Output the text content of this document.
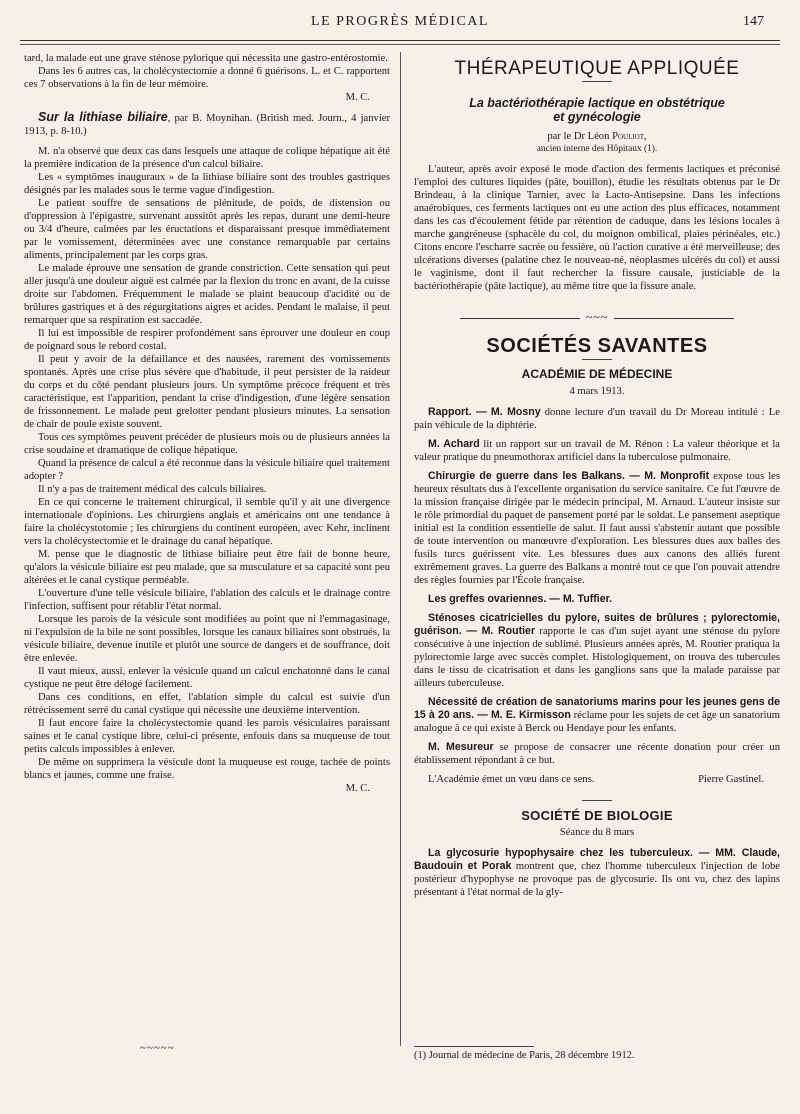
LE PROGRÈS MÉDICAL	147

tard, la malade eut une grave sténose pylorique qui nécessita une gastro-entérostomie.

Dans les 6 autres cas, la cholécystectomie a donné 6 guérisons. L. et C. rapportent ces 7 observations à la fin de leur mémoire.

M. C.

Sur la lithiase biliaire, par B. Moynihan. (British med. Journ., 4 janvier 1913, p. 8-10.)

M. n'a observé que deux cas dans lesquels une attaque de colique hépatique ait été la première indication de la présence d'un calcul biliaire.

Les « symptômes inauguraux » de la lithiase biliaire sont des troubles gastriques désignés par les malades sous le terme vague d'indigestion.

Le patient souffre de sensations de plénitude, de poids, de distension ou d'oppression à l'épigastre, survenant aussitôt après les repas, durant une demi-heure ou 3/4 d'heure, calmées par les éructations et disparaissant presque immédiatement par le vomissement, déterminées avec une constance remarquable par certains aliments, principalement par les corps gras.

Le malade éprouve une sensation de grande constriction. Cette sensation qui peut aller jusqu'à une douleur aiguë est calmée par la flexion du tronc en avant, de la cuisse droite sur l'abdomen. Fréquemment le malade se plaint beaucoup d'acidité ou de brûlures gastriques et à des régurgitations aigres et acides. Pendant le malaise, il peut remarquer que sa respiration est saccadée.

Il lui est impossible de respirer profondément sans éprouver une douleur en coup de poignard sous le rebord costal.

Il peut y avoir de la défaillance et des nausées, rarement des vomissements spontanés. Après une crise plus sévère que d'habitude, il peut persister de la raideur du corps et du côté pendant plusieurs jours. Un symptôme précoce fréquent et très caractéristique, est l'apparition, pendant la crise d'indigestion, d'une légère sensation de frissonnement. Le malade peut grelotter pendant plusieurs minutes. La sensation de chair de poule existe souvent.

Tous ces symptômes peuvent précéder de plusieurs mois ou de plusieurs années la crise soudaine et dramatique de colique hépatique.

Quand la présence de calcul a été reconnue dans la vésicule biliaire quel traitement adopter ?

Il n'y a pas de traitement médical des calculs biliaires.

En ce qui concerne le traitement chirurgical, il semble qu'il y ait une divergence internationale d'opinions. Les chirurgiens anglais et américains ont une tendance à faire la cholécystotomie ; les chirurgiens du continent européen, avec Kehr, inclinent vers la cholécystectomie et le drainage du canal hépatique.

M. pense que le diagnostic de lithiase biliaire peut être fait de bonne heure, qu'alors la vésicule biliaire est peu malade, que sa musculature et sa capacité sont peu altérées et le canal cystique perméable.

L'ouverture d'une telle vésicule biliaire, l'ablation des calculs et le drainage contre l'infection, suffisent pour rétablir l'état normal.

Lorsque les parois de la vésicule sont modifiées au point que ni l'emmagasinage, ni l'expulsion de la bile ne sont possibles, lorsque les canaux biliaires sont obstrués, la vésicule biliaire, devenue inutile et plutôt une source de dangers et de souffrance, doit être enlevée.

Il vaut mieux, aussi, enlever la vésicule quand un calcul enchatonné dans le canal cystique ne peut être délogé facilement.

Dans ces conditions, en effet, l'ablation simple du calcul est suivie d'un rétrécissement serré du canal cystique qui nécessite une deuxième intervention.

Il faut encore faire la cholécystectomie quand les parois vésiculaires paraissant saines et le canal cystique libre, celui-ci présente, enfouis dans sa muqueuse de tout petits calculs impossibles à enlever.

De même on supprimera la vésicule dont la muqueuse est rouge, tachée de points blancs et jaunes, comme une fraise.

M. C.

~~~~~
THÉRAPEUTIQUE APPLIQUÉE
La bactériothérapie lactique en obstétrique
et gynécologie

par le Dr Léon Pouliot,

ancien interne des Hôpitaux (1).

L'auteur, après avoir exposé le mode d'action des ferments lactiques et préconisé l'emploi des cultures liquides (pâte, bouillon), étudie les résultats obtenus par le Dr Brindeau, à la clinique Tarnier, avec la Lacto-Antisepsine. Dans les infections anaérobiques, ces ferments lactiques ont eu une action des plus efficaces, notamment dans les cas d'écoulement fétide par rétention de caduque, dans les lésions locales à marche gangréneuse (sphacèle du col, du moignon ombilical, plaies périnéales, etc.) Citons encore l'escharre sacrée ou fessière, où l'action curative a été merveilleuse; des ulcérations diverses (palatine chez le nouveau-né, néoplasmes ulcérés du col) et aussi le vaginisme, dont il faut rechercher la fissure causale, justiciable de la bactériothérapie (pâte lactique), au même titre que la fissure anale.

~~~
SOCIÉTÉS SAVANTES
ACADÉMIE DE MÉDECINE
4 mars 1913.

Rapport. — M. Mosny donne lecture d'un travail du Dr Moreau intitulé : Le pain véhicule de la diphtérie.

M. Achard lit un rapport sur un travail de M. Rénon : La valeur théorique et la valeur pratique du pneumothorax artificiel dans la tuberculose pulmonaire.

Chirurgie de guerre dans les Balkans. — M. Monprofit expose tous les heureux résultats dus à l'excellente organisation du service sanitaire. Ce fut l'œuvre de la mission française dirigée par le médecin principal, M. Arnaud. L'auteur insiste sur le rôle primordial du paquet de pansement porté par le soldat. Le pansement aseptique initial est la condition essentielle de salut. Il faut aussi s'abstenir autant que possible de toute intervention ou manœuvre d'exploration. Les blessures dues aux balles des fusils turcs guérissent vite. Les blessures dues aux canons des alliés furent extrêmement graves. La guerre des Balkans a montré tout ce que l'on pouvait attendre des règles fournies par l'École française.

Les greffes ovariennes. — M. Tuffier.

Sténoses cicatricielles du pylore, suites de brûlures ; pylorectomie, guérison. — M. Routier rapporte le cas d'un sujet ayant une sténose du pylore consécutive à une injection de sublimé. Plusieurs années après, M. Routier pratiqua la pylorectomie large avec succès complet. Histologiquement, on trouva des tubercules dans le tissu de cicatrisation et dans les ganglions sans que la malade paraisse par ailleurs tuberculeuse.

Nécessité de création de sanatoriums marins pour les jeunes gens de 15 à 20 ans. — M. E. Kirmisson réclame pour les sujets de cet âge un sanatorium analogue à ce qui existe à Berck ou Hendaye pour les enfants.

M. Mesureur se propose de consacrer une récente donation pour créer un établissement répondant à ce but.

L'Académie émet un vœu dans ce sens.	Pierre Gastinel.

SOCIÉTÉ DE BIOLOGIE
Séance du 8 mars

La glycosurie hypophysaire chez les tuberculeux. — MM. Claude, Baudouin et Porak montrent que, chez l'homme tuberculeux l'injection de lobe postérieur d'hypophyse ne provoque pas de glycosurie. Ils ont vu, chez des lapins présentant à l'état normal de la gly-

(1) Journal de médecine de Paris, 28 décembre 1912.
